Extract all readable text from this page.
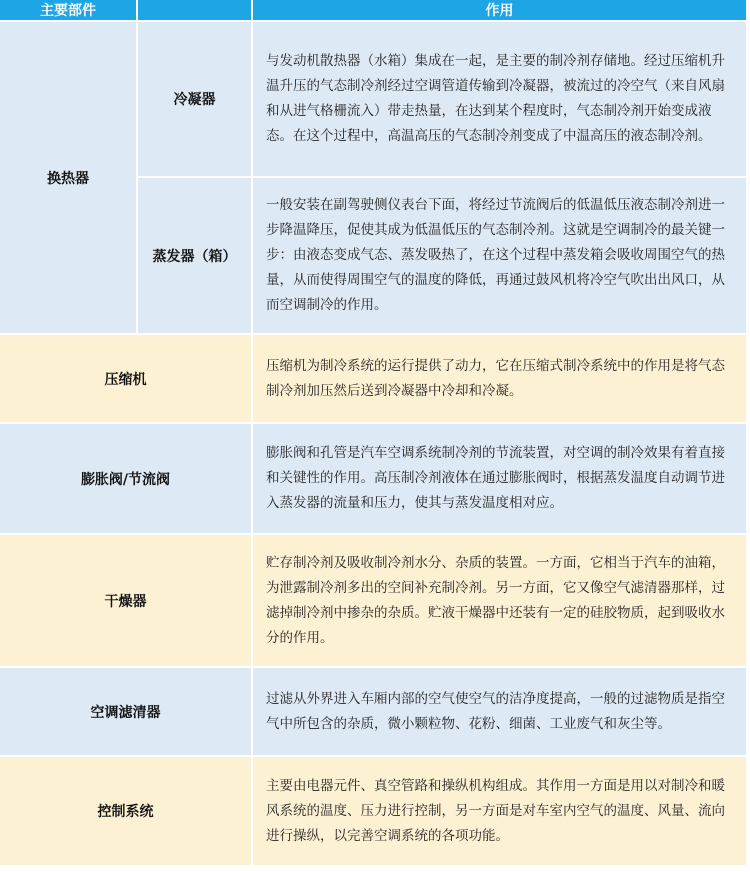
主要部件		作用
换热器	冷凝器	与发动机散热器（水箱）集成在一起，是主要的制冷剂存储地。经过压缩机升温升压的气态制冷剂经过空调管道传输到冷凝器，被流过的冷空气（来自风扇和从进气格栅流入）带走热量，在达到某个程度时，气态制冷剂开始变成液态。在这个过程中，高温高压的气态制冷剂变成了中温高压的液态制冷剂。
	蒸发器（箱）	一般安装在副驾驶侧仪表台下面，将经过节流阀后的低温低压液态制冷剂进一步降温降压，促使其成为低温低压的气态制冷剂。这就是空调制冷的最关键一步：由液态变成气态、蒸发吸热了，在这个过程中蒸发箱会吸收周围空气的热量，从而使得周围空气的温度的降低，再通过鼓风机将冷空气吹出出风口，从而空调制冷的作用。
压缩机		压缩机为制冷系统的运行提供了动力，它在压缩式制冷系统中的作用是将气态制冷剂加压然后送到冷凝器中冷却和冷凝。
膨胀阀/节流阀		膨胀阀和孔管是汽车空调系统制冷剂的节流装置，对空调的制冷效果有着直接和关键性的作用。高压制冷剂液体在通过膨胀阀时，根据蒸发温度自动调节进入蒸发器的流量和压力，使其与蒸发温度相对应。
干燥器		贮存制冷剂及吸收制冷剂水分、杂质的装置。一方面，它相当于汽车的油箱，为泄露制冷剂多出的空间补充制冷剂。另一方面，它又像空气滤清器那样，过滤掉制冷剂中掺杂的杂质。贮液干燥器中还装有一定的硅胶物质，起到吸收水分的作用。
空调滤清器		过滤从外界进入车厢内部的空气使空气的洁净度提高，一般的过滤物质是指空气中所包含的杂质，微小颗粒物、花粉、细菌、工业废气和灰尘等。
控制系统		主要由电器元件、真空管路和操纵机构组成。其作用一方面是用以对制冷和暖风系统的温度、压力进行控制，另一方面是对车室内空气的温度、风量、流向进行操纵，以完善空调系统的各项功能。
